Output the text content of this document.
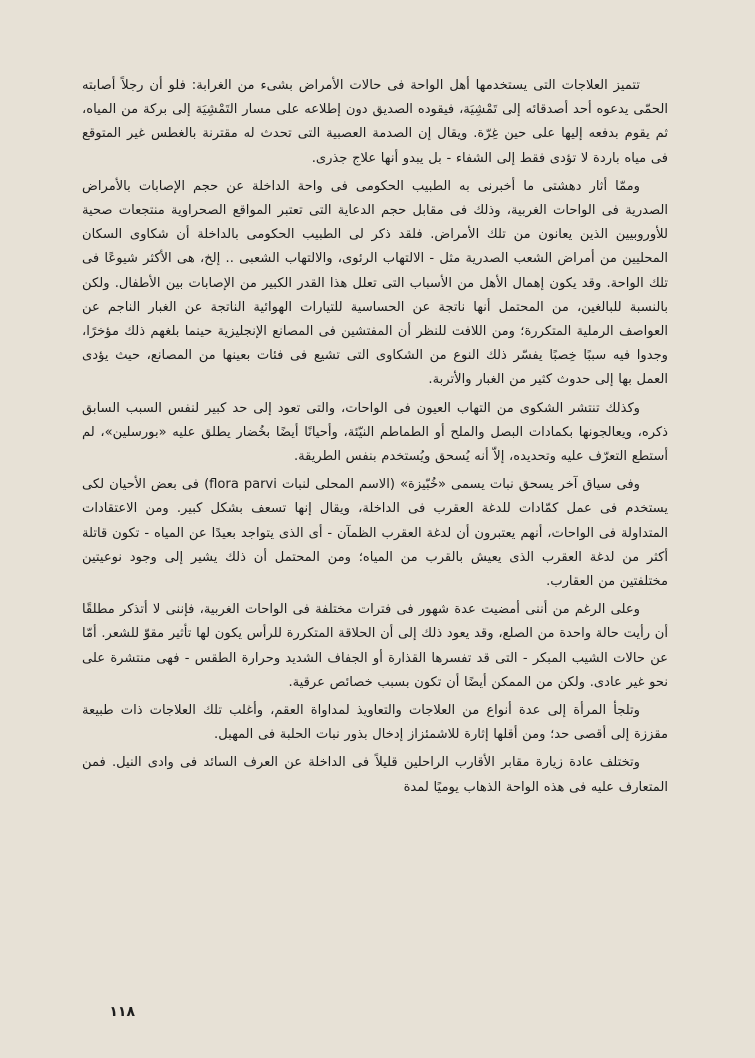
تتميز العلاجات التى يستخدمها أهل الواحة فى حالات الأمراض بشىء من الغرابة: فلو أن رجلاً أصابته الحمّى يدعوه أحد أصدقائه إلى تَمْشِيَة، فيقوده الصديق دون إطلاعه على مسار التَمْشِيَة إلى بركة من المياه، ثم يقوم بدفعه إليها على حين غِرّة. ويقال إن الصدمة العصبية التى تحدث له مقترنة بالغطس غير المتوقع فى مياه باردة لا تؤدى فقط إلى الشفاء - بل يبدو أنها علاج جذرى.

وممّا أثار دهشتى ما أخبرنى به الطبيب الحكومى فى واحة الداخلة عن حجم الإصابات بالأمراض الصدرية فى الواحات الغربية، وذلك فى مقابل حجم الدعاية التى تعتبر المواقع الصحراوية منتجعات صحية للأوروبيين الذين يعانون من تلك الأمراض. فلقد ذكر لى الطبيب الحكومى بالداخلة أن شكاوى السكان المحليين من أمراض الشعب الصدرية مثل - الالتهاب الرئوى، والالتهاب الشعبى .. إلخ، هى الأكثر شيوعًا فى تلك الواحة. وقد يكون إهمال الأهل من الأسباب التى تعلل هذا القدر الكبير من الإصابات بين الأطفال. ولكن بالنسبة للبالغين، من المحتمل أنها ناتجة عن الحساسية للتيارات الهوائية الناتجة عن الغبار الناجم عن العواصف الرملية المتكررة؛ ومن اللافت للنظر أن المفتشين فى المصانع الإنجليزية حينما بلغهم ذلك مؤخرًا، وجدوا فيه سببًا خِصبًا يفسّر ذلك النوع من الشكاوى التى تشيع فى فئات بعينها من المصانع، حيث يؤدى العمل بها إلى حدوث كثير من الغبار والأتربة.

وكذلك تنتشر الشكوى من التهاب العيون فى الواحات، والتى تعود إلى حد كبير لنفس السبب السابق ذكره، ويعالجونها بكمادات البصل والملح أو الطماطم النيّئة، وأحيانًا أيضًا بخُضار يطلق عليه «بورسلين»، لم أستطع التعرّف عليه وتحديده، إلاّ أنه يُسحق ويُستخدم بنفس الطريقة.

وفى سياق آخر يسحق نبات يسمى «خُبّيزة» (الاسم المحلى لنبات flora parvi) فى بعض الأحيان لكى يستخدم فى عمل كمّادات للدغة العقرب فى الداخلة، ويقال إنها تسعف بشكل كبير. ومن الاعتقادات المتداولة فى الواحات، أنهم يعتبرون أن لدغة العقرب الظمآن - أى الذى يتواجد بعيدًا عن المياه - تكون قاتلة أكثر من لدغة العقرب الذى يعيش بالقرب من المياه؛ ومن المحتمل أن ذلك يشير إلى وجود نوعيتين مختلفتين من العقارب.

وعلى الرغم من أننى أمضيت عدة شهور فى فترات مختلفة فى الواحات الغربية، فإننى لا أتذكر مطلقًا أن رأيت حالة واحدة من الصلع، وقد يعود ذلك إلى أن الحلاقة المتكررة للرأس يكون لها تأثير مقوّ للشعر. أمّا عن حالات الشيب المبكر - التى قد تفسرها القذارة أو الجفاف الشديد وحرارة الطقس - فهى منتشرة على نحو غير عادى. ولكن من الممكن أيضًا أن تكون بسبب خصائص عرقية.

وتلجأ المرأة إلى عدة أنواع من العلاجات والتعاويذ لمداواة العقم، وأغلب تلك العلاجات ذات طبيعة مقززة إلى أقصى حد؛ ومن أقلها إثارة للاشمئزاز إدخال بذور نبات الحلبة فى المهبل.

وتختلف عادة زيارة مقابر الأقارب الراحلين قليلاً فى الداخلة عن العرف السائد فى وادى النيل. فمن المتعارف عليه فى هذه الواحة الذهاب يوميًا لمدة

١١٨
